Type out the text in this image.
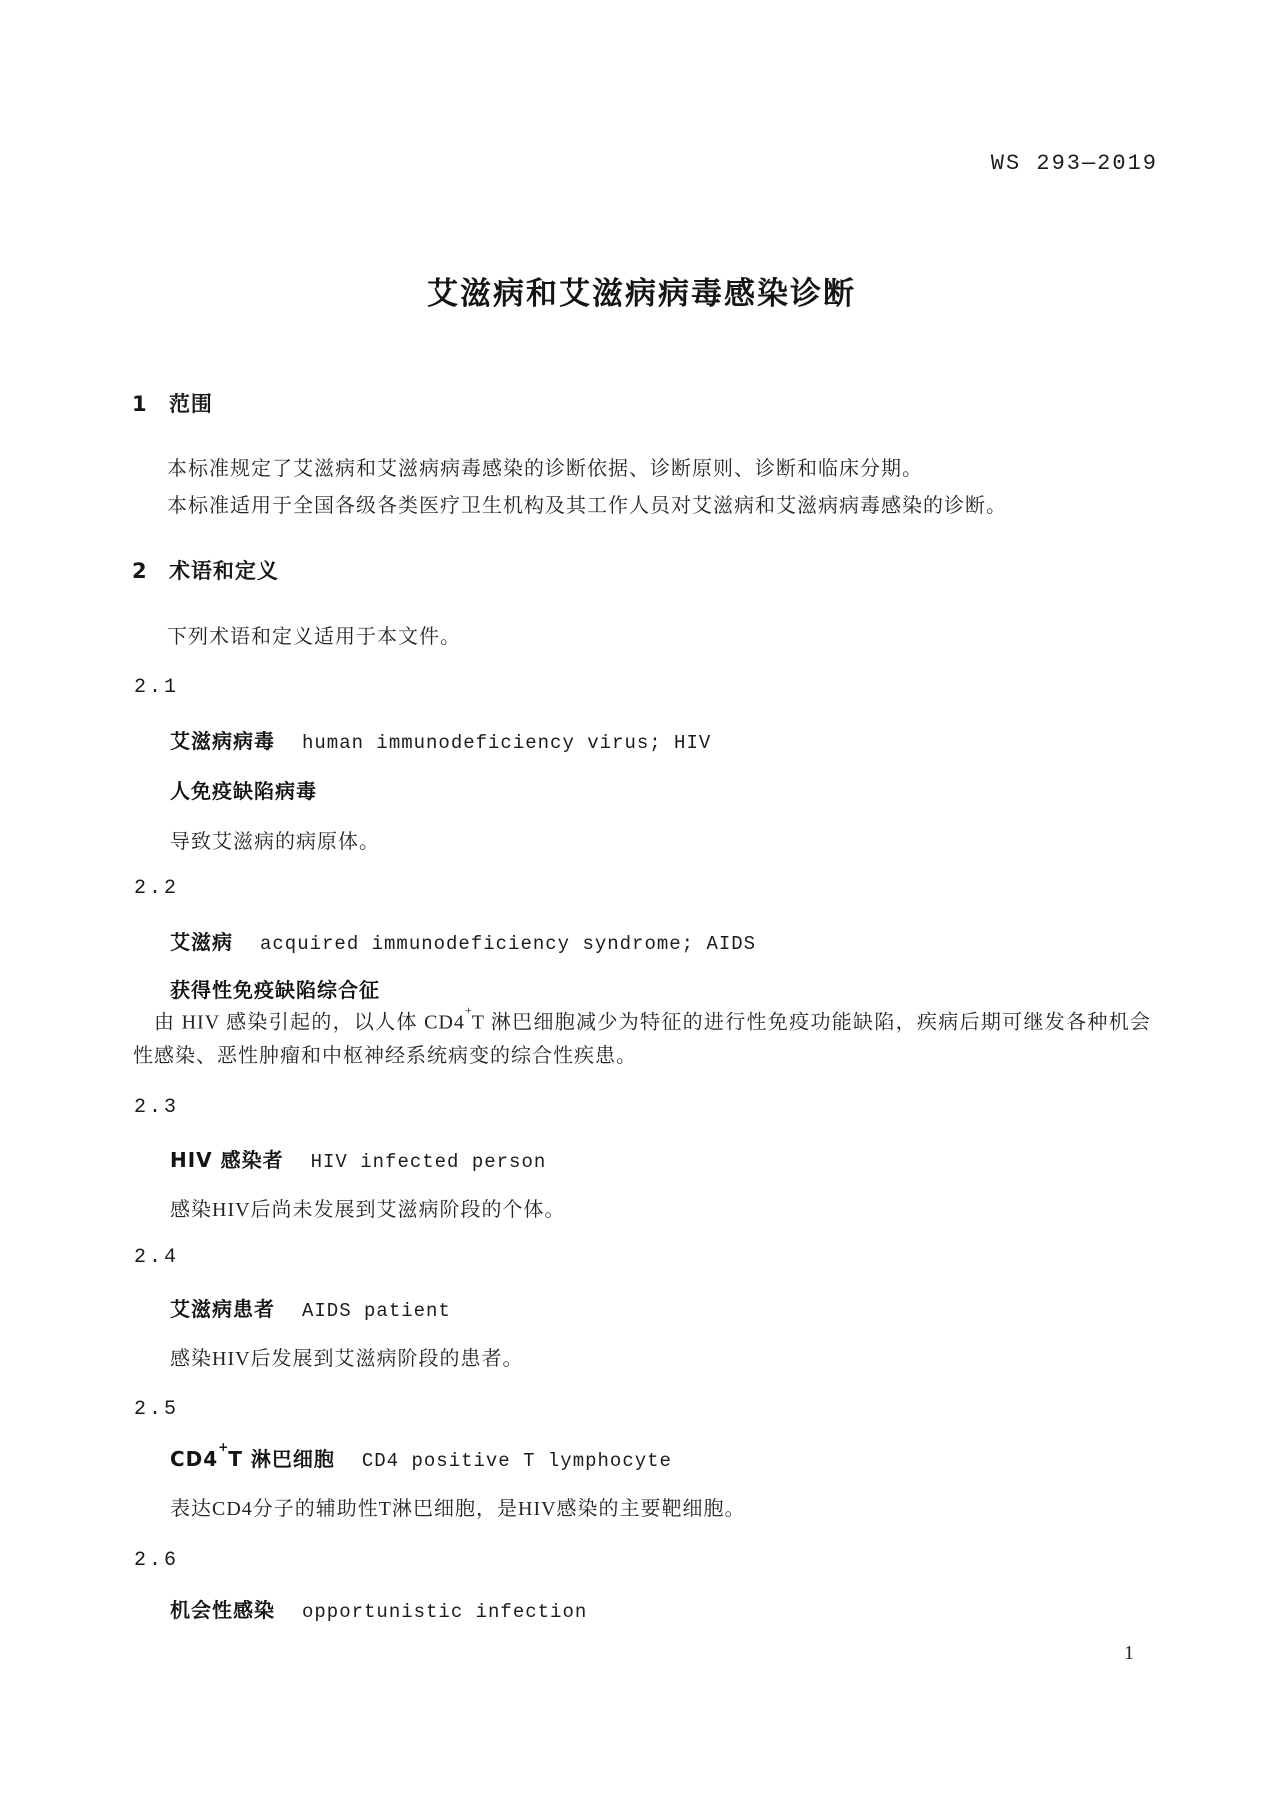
WS 293—2019
艾滋病和艾滋病病毒感染诊断
1 范围
本标准规定了艾滋病和艾滋病病毒感染的诊断依据、诊断原则、诊断和临床分期。
本标准适用于全国各级各类医疗卫生机构及其工作人员对艾滋病和艾滋病病毒感染的诊断。
2 术语和定义
下列术语和定义适用于本文件。
2.1
艾滋病病毒 human immunodeficiency virus; HIV
人免疫缺陷病毒
导致艾滋病的病原体。
2.2
艾滋病 acquired immunodeficiency syndrome; AIDS
获得性免疫缺陷综合征

由 HIV 感染引起的，以人体 CD4+T 淋巴细胞减少为特征的进行性免疫功能缺陷，疾病后期可继发各种机会性感染、恶性肿瘤和中枢神经系统病变的综合性疾患。

2.3
HIV 感染者 HIV infected person
感染HIV后尚未发展到艾滋病阶段的个体。
2.4
艾滋病患者 AIDS patient
感染HIV后发展到艾滋病阶段的患者。
2.5
CD4+T 淋巴细胞 CD4 positive T lymphocyte
表达CD4分子的辅助性T淋巴细胞，是HIV感染的主要靶细胞。
2.6
机会性感染 opportunistic infection
1
